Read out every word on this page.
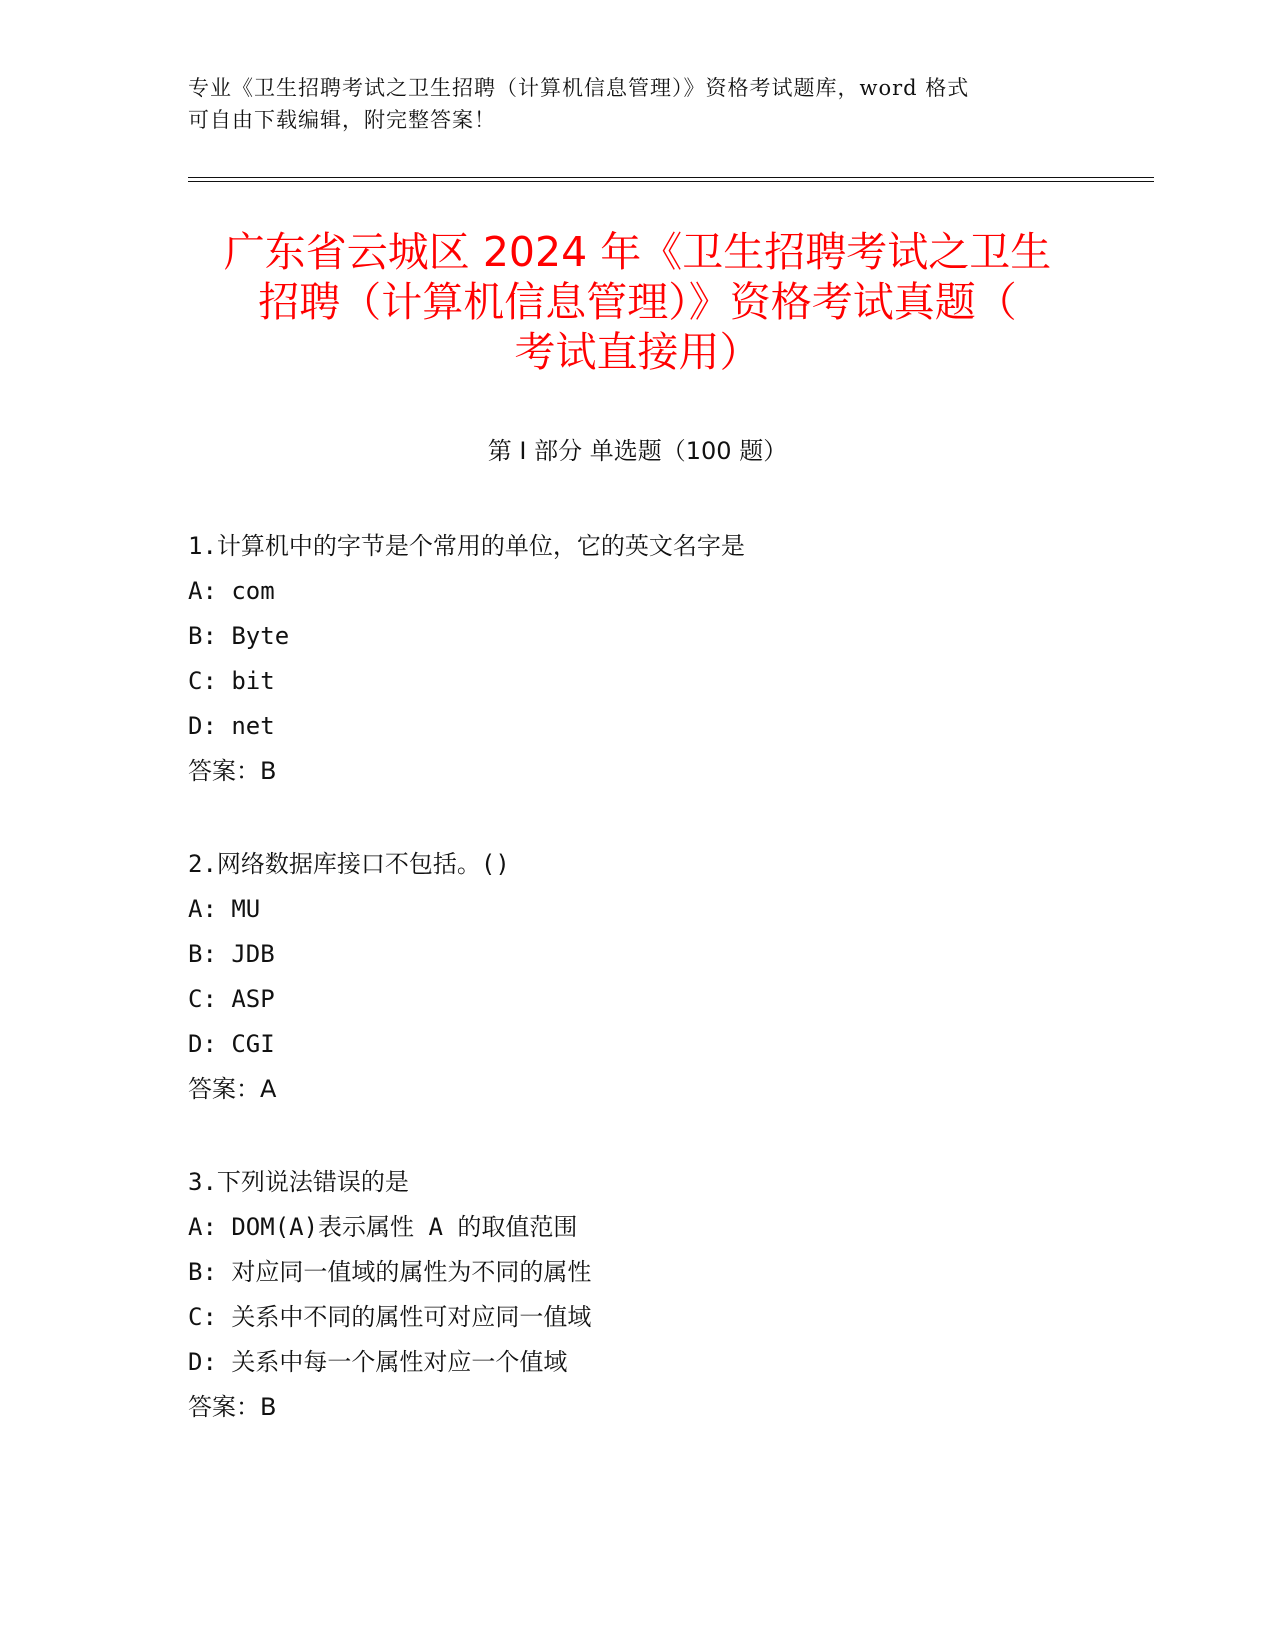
专业《卫生招聘考试之卫生招聘（计算机信息管理）》资格考试题库，word 格式
可自由下载编辑，附完整答案！
广东省云城区 2024 年《卫生招聘考试之卫生
招聘（计算机信息管理）》资格考试真题（
考试直接用）
第 I 部分 单选题（100 题）
1.计算机中的字节是个常用的单位，它的英文名字是
A: com
B: Byte
C: bit
D: net
答案：B
2.网络数据库接口不包括。()
A: MU
B: JDB
C: ASP
D: CGI
答案：A
3.下列说法错误的是
A: DOM(A)表示属性 A 的取值范围
B: 对应同一值域的属性为不同的属性
C: 关系中不同的属性可对应同一值域
D: 关系中每一个属性对应一个值域
答案：B
